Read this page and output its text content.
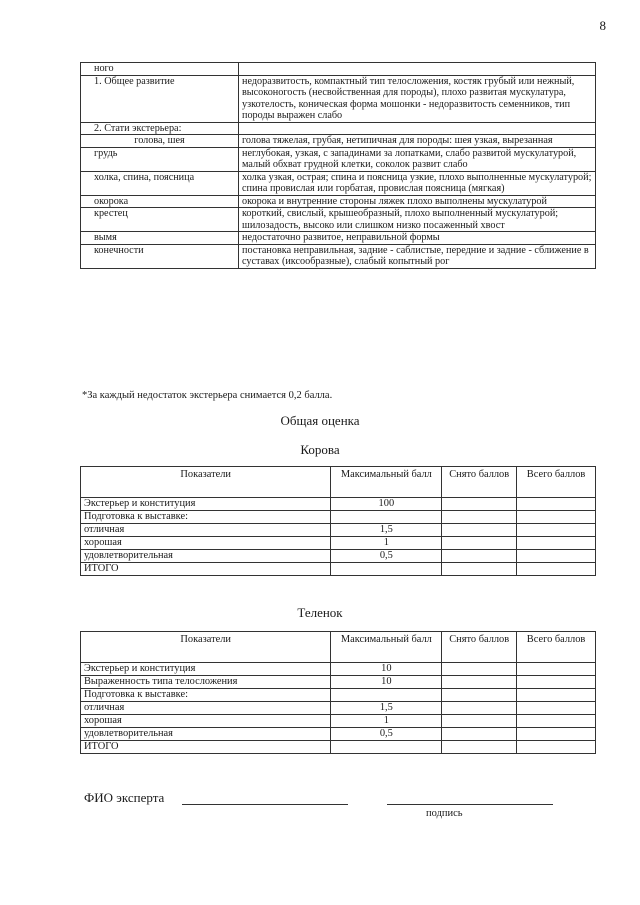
8
ного	

1. Общее развитие	недоразвитость, компактный тип телосложения, костяк грубый или нежный, высоконогость (несвойственная для породы), плохо развитая мускулатура, узкотелость, коническая форма мошонки - недоразвитость семенников, тип породы выражен слабо

2. Стати экстерьера:	

голова, шея	голова тяжелая, грубая, нетипичная для породы: шея узкая, вырезанная

грудь	неглубокая, узкая, с западинами за лопатками, слабо развитой мускулатурой, малый обхват грудной клетки, соколок развит слабо

холка, спина, поясница	холка узкая, острая; спина и поясница узкие, плохо выполненные мускулатурой; спина провислая или горбатая, провислая поясница (мягкая)

окорока	окорока и внутренние стороны ляжек плохо выполнены мускулатурой

крестец	короткий, свислый, крышеобразный, плохо выполненный мускулатурой; шилозадость, высоко или слишком низко посаженный хвост

вымя	недостаточно развитое, неправильной формы

конечности	постановка неправильная, задние - саблистые, передние и задние - сближение в суставах (иксообразные), слабый копытный рог
*За каждый недостаток экстерьера снимается 0,2 балла.
Общая оценка
Корова
Показатели	Максимальный балл	Снято баллов	Всего баллов
Экстерьер и конституция	100		
Подготовка к выставке:			
отличная	1,5		
хорошая	1		
удовлетворительная	0,5		
ИТОГО			
Теленок
Показатели	Максимальный балл	Снято баллов	Всего баллов
Экстерьер и конституция	10		
Выраженность типа телосложения	10		
Подготовка к выставке:			
отличная	1,5		
хорошая	1		
удовлетворительная	0,5		
ИТОГО			
ФИО эксперта
подпись
